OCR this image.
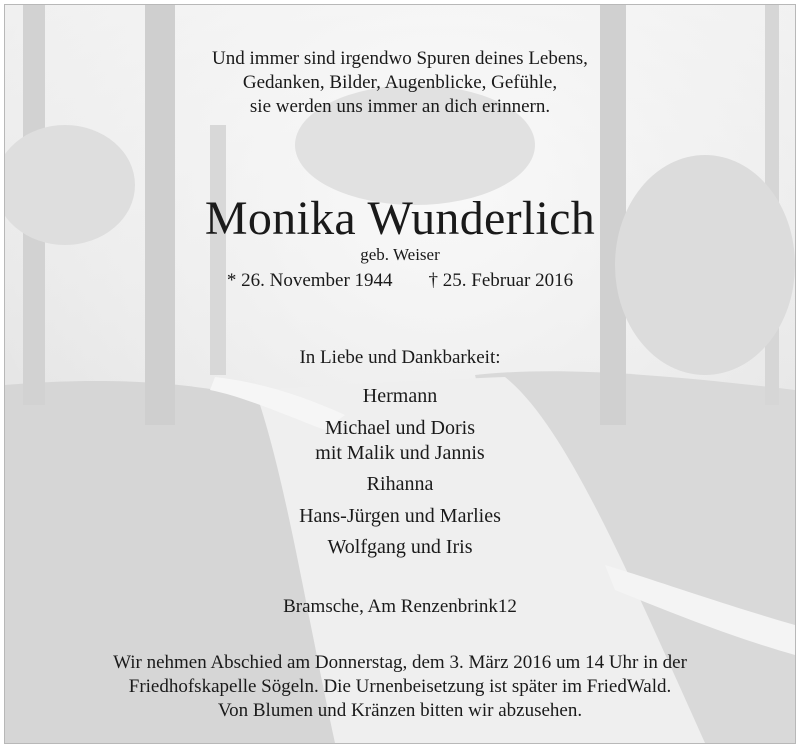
Und immer sind irgendwo Spuren deines Lebens,
Gedanken, Bilder, Augenblicke, Gefühle,
sie werden uns immer an dich erinnern.
Monika Wunderlich
geb. Weiser
* 26. November 1944 † 25. Februar 2016
In Liebe und Dankbarkeit:
Hermann
Michael und Doris
mit Malik und Jannis
Rihanna
Hans-Jürgen und Marlies
Wolfgang und Iris
Bramsche, Am Renzenbrink12
Wir nehmen Abschied am Donnerstag, dem 3. März 2016 um 14 Uhr in der
Friedhofskapelle Sögeln. Die Urnenbeisetzung ist später im FriedWald.
Von Blumen und Kränzen bitten wir abzusehen.
